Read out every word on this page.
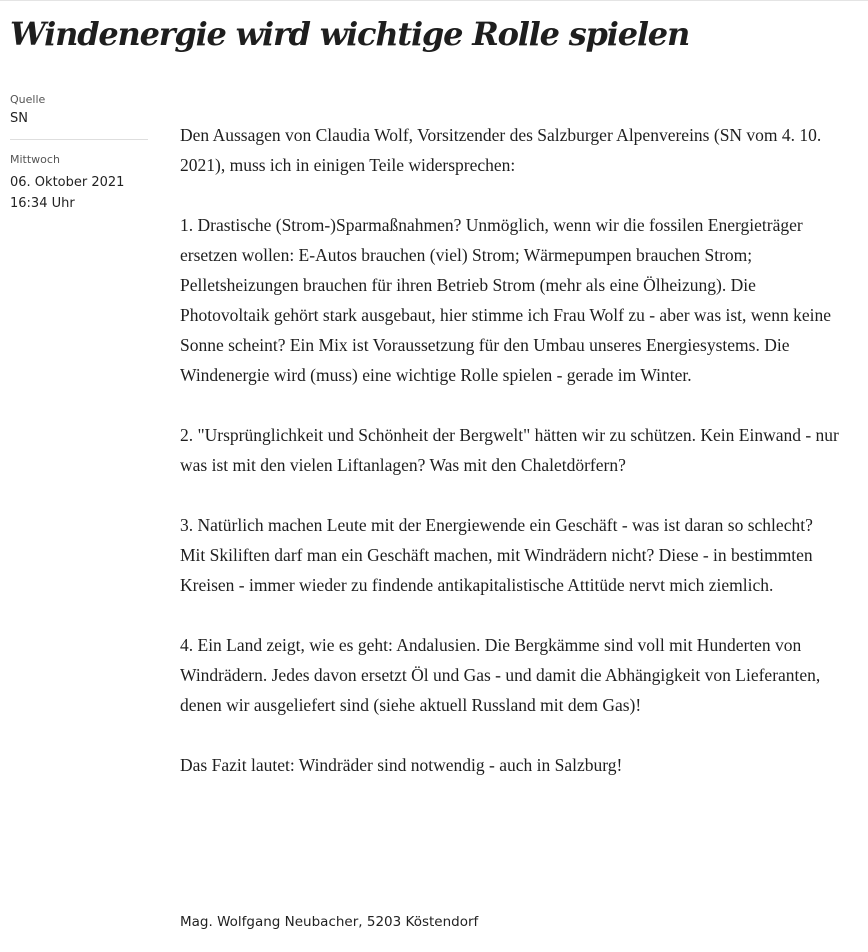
Windenergie wird wichtige Rolle spielen

Quelle

SN

Mittwoch

06. Oktober 2021

16:34 Uhr

Den Aussagen von Claudia Wolf, Vorsitzender des Salzburger Alpenvereins (SN vom 4. 10. 2021), muss ich in einigen Teile widersprechen:

1. Drastische (Strom-)Sparmaßnahmen? Unmöglich, wenn wir die fossilen Energieträger ersetzen wollen: E-Autos brauchen (viel) Strom; Wärmepumpen brauchen Strom; Pelletsheizungen brauchen für ihren Betrieb Strom (mehr als eine Ölheizung). Die Photovoltaik gehört stark ausgebaut, hier stimme ich Frau Wolf zu - aber was ist, wenn keine Sonne scheint? Ein Mix ist Voraussetzung für den Umbau unseres Energiesystems. Die Windenergie wird (muss) eine wichtige Rolle spielen - gerade im Winter.

2. "Ursprünglichkeit und Schönheit der Bergwelt" hätten wir zu schützen. Kein Einwand - nur was ist mit den vielen Liftanlagen? Was mit den Chaletdörfern?

3. Natürlich machen Leute mit der Energiewende ein Geschäft - was ist daran so schlecht? Mit Skiliften darf man ein Geschäft machen, mit Windrädern nicht? Diese - in bestimmten Kreisen - immer wieder zu findende antikapitalistische Attitüde nervt mich ziemlich.

4. Ein Land zeigt, wie es geht: Andalusien. Die Bergkämme sind voll mit Hunderten von Windrädern. Jedes davon ersetzt Öl und Gas - und damit die Abhängigkeit von Lieferanten, denen wir ausgeliefert sind (siehe aktuell Russland mit dem Gas)!

Das Fazit lautet: Windräder sind notwendig - auch in Salzburg!

Mag. Wolfgang Neubacher, 5203 Köstendorf
